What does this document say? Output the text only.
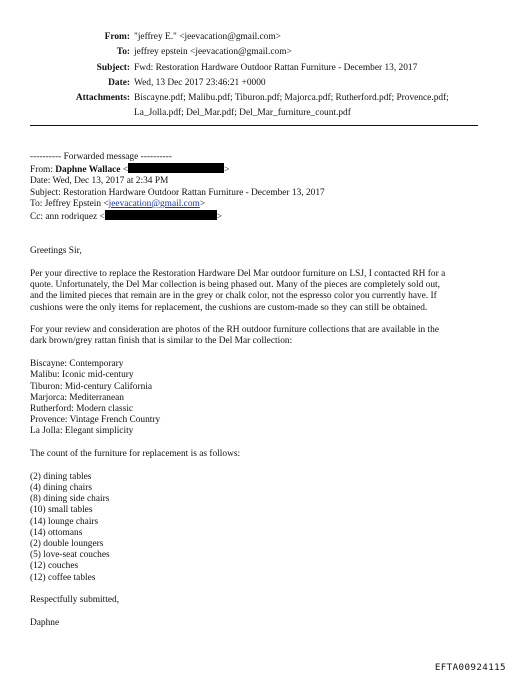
From: "jeffrey E." <jeevacation@gmail.com>
To: jeffrey epstein <jeevacation@gmail.com>
Subject: Fwd: Restoration Hardware Outdoor Rattan Furniture - December 13, 2017
Date: Wed, 13 Dec 2017 23:46:21 +0000
Attachments: Biscayne.pdf; Malibu.pdf; Tiburon.pdf; Majorca.pdf; Rutherford.pdf; Provence.pdf;
La_Jolla.pdf; Del_Mar.pdf; Del_Mar_furniture_count.pdf
---------- Forwarded message ----------
From: Daphne Wallace <	>
Date: Wed, Dec 13, 2017 at 2:34 PM
Subject: Restoration Hardware Outdoor Rattan Furniture - December 13, 2017
To: Jeffrey Epstein <jeevacation@gmail.com>
Cc: ann rodriquez <	>
Greetings Sir,
Per your directive to replace the Restoration Hardware Del Mar outdoor furniture on LSJ, I contacted RH for a
quote. Unfortunately, the Del Mar collection is being phased out. Many of the pieces are completely sold out,
and the limited pieces that remain are in the grey or chalk color, not the espresso color you currently have. If
cushions were the only items for replacement, the cushions are custom-made so they can still be obtained.
For your review and consideration are photos of the RH outdoor furniture collections that are available in the
dark brown/grey rattan finish that is similar to the Del Mar collection:
Biscayne: Contemporary
Malibu: Iconic mid-century
Tiburon: Mid-century California
Marjorca: Mediterranean
Rutherford: Modern classic
Provence: Vintage French Country
La Jolla: Elegant simplicity
The count of the furniture for replacement is as follows:
(2) dining tables
(4) dining chairs
(8) dining side chairs
(10) small tables
(14) lounge chairs
(14) ottomans
(2) double loungers
(5) love-seat couches
(12) couches
(12) coffee tables
Respectfully submitted,
Daphne
EFTA00924115
